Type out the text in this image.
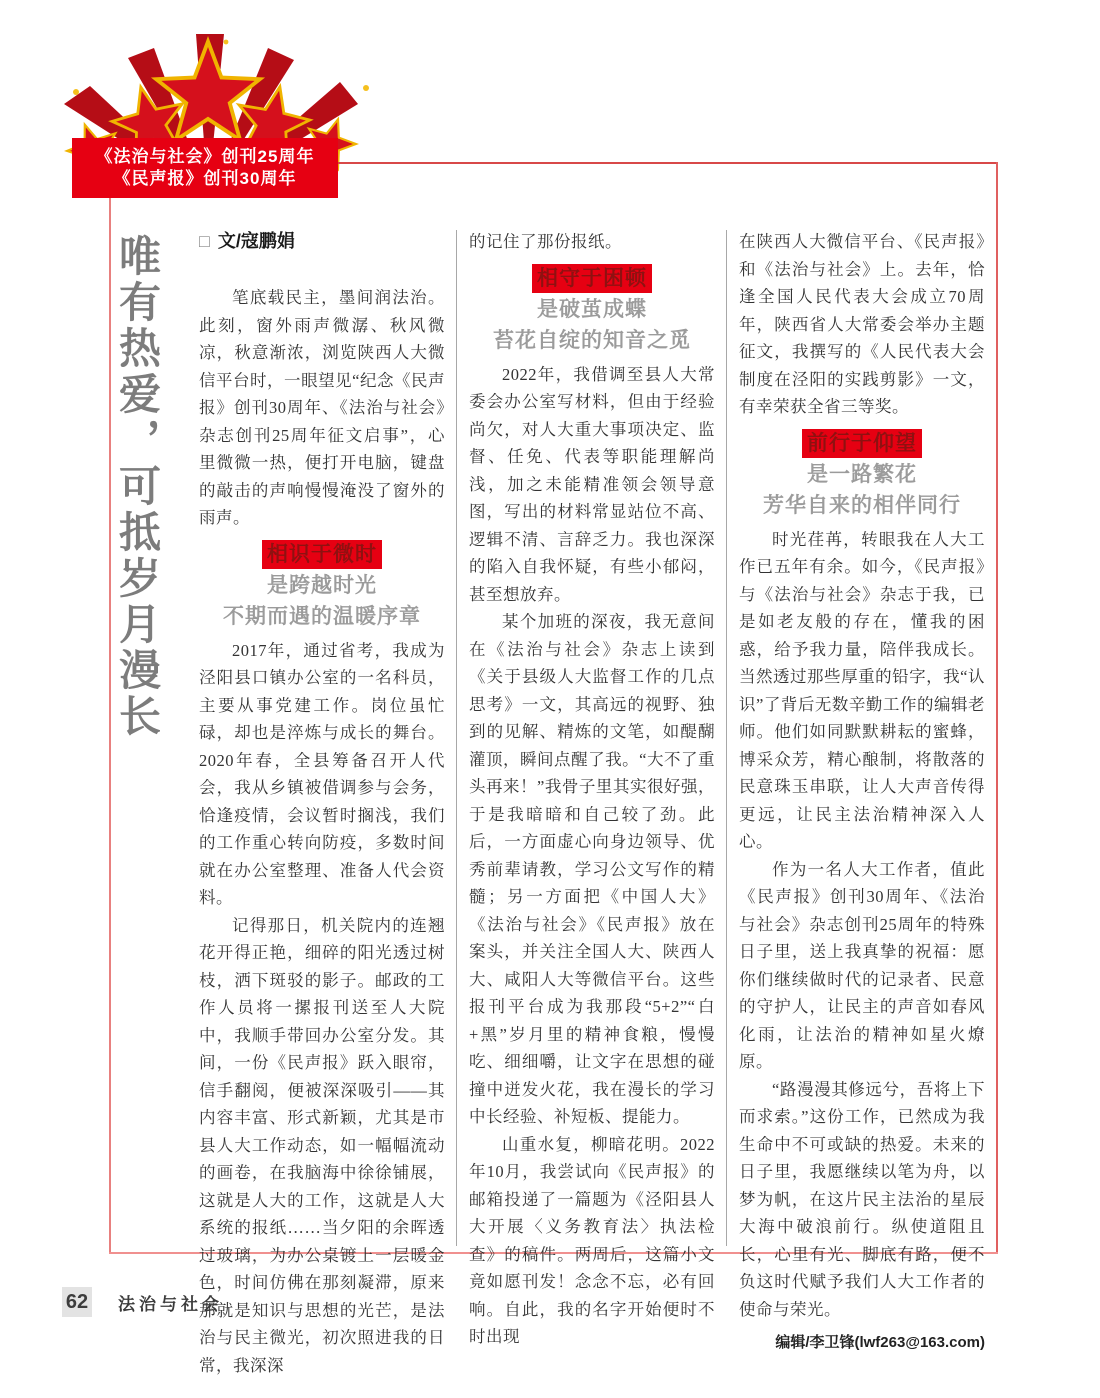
《法治与社会》创刊25周年
《民声报》创刊30周年
唯有热爱，可抵岁月漫长 □ 文/寇鹏娟

笔底载民主，墨间润法治。此刻，窗外雨声微潺、秋风微凉，秋意渐浓，浏览陕西人大微信平台时，一眼望见“纪念《民声报》创刊30周年、《法治与社会》杂志创刊25周年征文启事”，心里微微一热，便打开电脑，键盘的敲击的声响慢慢淹没了窗外的雨声。

相识于微时
是跨越时光
不期而遇的温暖序章

2017年，通过省考，我成为泾阳县口镇办公室的一名科员，主要从事党建工作。岗位虽忙碌，却也是淬炼与成长的舞台。2020年春，全县筹备召开人代会，我从乡镇被借调参与会务，恰逢疫情，会议暂时搁浅，我们的工作重心转向防疫，多数时间就在办公室整理、准备人代会资料。

记得那日，机关院内的连翘花开得正艳，细碎的阳光透过树枝，洒下斑驳的影子。邮政的工作人员将一摞报刊送至人大院中，我顺手带回办公室分发。其间，一份《民声报》跃入眼帘，信手翻阅，便被深深吸引——其内容丰富、形式新颖，尤其是市县人大工作动态，如一幅幅流动的画卷，在我脑海中徐徐铺展，这就是人大的工作，这就是人大系统的报纸……当夕阳的余晖透过玻璃，为办公桌镀上一层暖金色，时间仿佛在那刻凝滞，原来那就是知识与思想的光芒，是法治与民主微光，初次照进我的日常，我深深

的记住了那份报纸。

相守于困顿
是破茧成蝶
苔花自绽的知音之觅

2022年，我借调至县人大常委会办公室写材料，但由于经验尚欠，对人大重大事项决定、监督、任免、代表等职能理解尚浅，加之未能精准领会领导意图，写出的材料常显站位不高、逻辑不清、言辞乏力。我也深深的陷入自我怀疑，有些小郁闷，甚至想放弃。

某个加班的深夜，我无意间在《法治与社会》杂志上读到《关于县级人大监督工作的几点思考》一文，其高远的视野、独到的见解、精炼的文笔，如醍醐灌顶，瞬间点醒了我。“大不了重头再来！”我骨子里其实很好强，于是我暗暗和自己较了劲。此后，一方面虚心向身边领导、优秀前辈请教，学习公文写作的精髓；另一方面把《中国人大》《法治与社会》《民声报》放在案头，并关注全国人大、陕西人大、咸阳人大等微信平台。这些报刊平台成为我那段“5+2”“白+黑”岁月里的精神食粮，慢慢吃、细细嚼，让文字在思想的碰撞中迸发火花，我在漫长的学习中长经验、补短板、提能力。

山重水复，柳暗花明。2022年10月，我尝试向《民声报》的邮箱投递了一篇题为《泾阳县人大开展〈义务教育法〉执法检查》的稿件。两周后，这篇小文竟如愿刊发！念念不忘，必有回响。自此，我的名字开始便时不时出现

在陕西人大微信平台、《民声报》和《法治与社会》上。去年，恰逢全国人民代表大会成立70周年，陕西省人大常委会举办主题征文，我撰写的《人民代表大会制度在泾阳的实践剪影》一文，有幸荣获全省三等奖。

前行于仰望
是一路繁花
芳华自来的相伴同行

时光荏苒，转眼我在人大工作已五年有余。如今，《民声报》与《法治与社会》杂志于我，已是如老友般的存在，懂我的困惑，给予我力量，陪伴我成长。当然透过那些厚重的铅字，我“认识”了背后无数辛勤工作的编辑老师。他们如同默默耕耘的蜜蜂，博采众芳，精心酿制，将散落的民意珠玉串联，让人大声音传得更远，让民主法治精神深入人心。

作为一名人大工作者，值此《民声报》创刊30周年、《法治与社会》杂志创刊25周年的特殊日子里，送上我真挚的祝福：愿你们继续做时代的记录者、民意的守护人，让民主的声音如春风化雨，让法治的精神如星火燎原。

“路漫漫其修远兮，吾将上下而求索。”这份工作，已然成为我生命中不可或缺的热爱。未来的日子里，我愿继续以笔为舟，以梦为帆，在这片民主法治的星辰大海中破浪前行。纵使道阻且长，心里有光、脚底有路，便不负这时代赋予我们人大工作者的使命与荣光。

编辑/李卫锋(lwf263@163.com)
62 法治与社会
